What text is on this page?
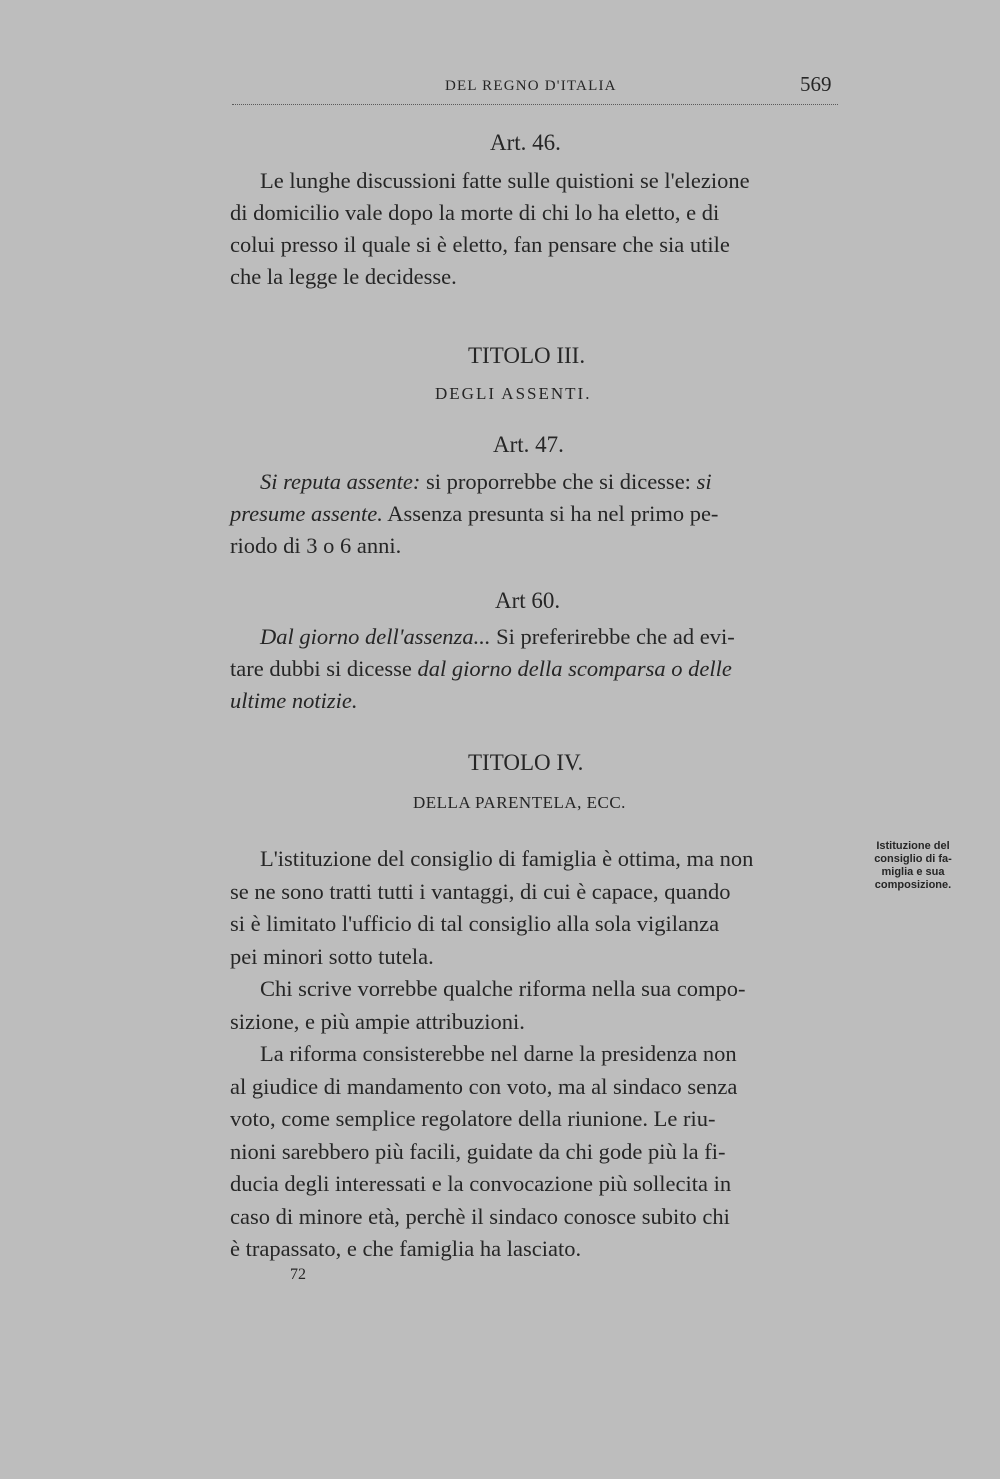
DEL REGNO D'ITALIA	569
Art. 46.
Le lunghe discussioni fatte sulle quistioni se l'elezione
di domicilio vale dopo la morte di chi lo ha eletto, e di
colui presso il quale si è eletto, fan pensare che sia utile
che la legge le decidesse.
TITOLO III.
DEGLI ASSENTI.
Art. 47.
Si reputa assente: si proporrebbe che si dicesse: si
presume assente. Assenza presunta si ha nel primo pe-
riodo di 3 o 6 anni.
Art 60.
Dal giorno dell'assenza... Si preferirebbe che ad evi-
tare dubbi si dicesse dal giorno della scomparsa o delle
ultime notizie.
TITOLO IV.
DELLA PARENTELA, ECC.
L'istituzione del consiglio di famiglia è ottima, ma non
se ne sono tratti tutti i vantaggi, di cui è capace, quando
si è limitato l'ufficio di tal consiglio alla sola vigilanza
pei minori sotto tutela.
Chi scrive vorrebbe qualche riforma nella sua compo-
sizione, e più ampie attribuzioni.
La riforma consisterebbe nel darne la presidenza non
al giudice di mandamento con voto, ma al sindaco senza
voto, come semplice regolatore della riunione. Le riu-
nioni sarebbero più facili, guidate da chi gode più la fi-
ducia degli interessati e la convocazione più sollecita in
caso di minore età, perchè il sindaco conosce subito chi
è trapassato, e che famiglia ha lasciato.
Istituzione del
consiglio di fa-
miglia e sua
composizione.
72
